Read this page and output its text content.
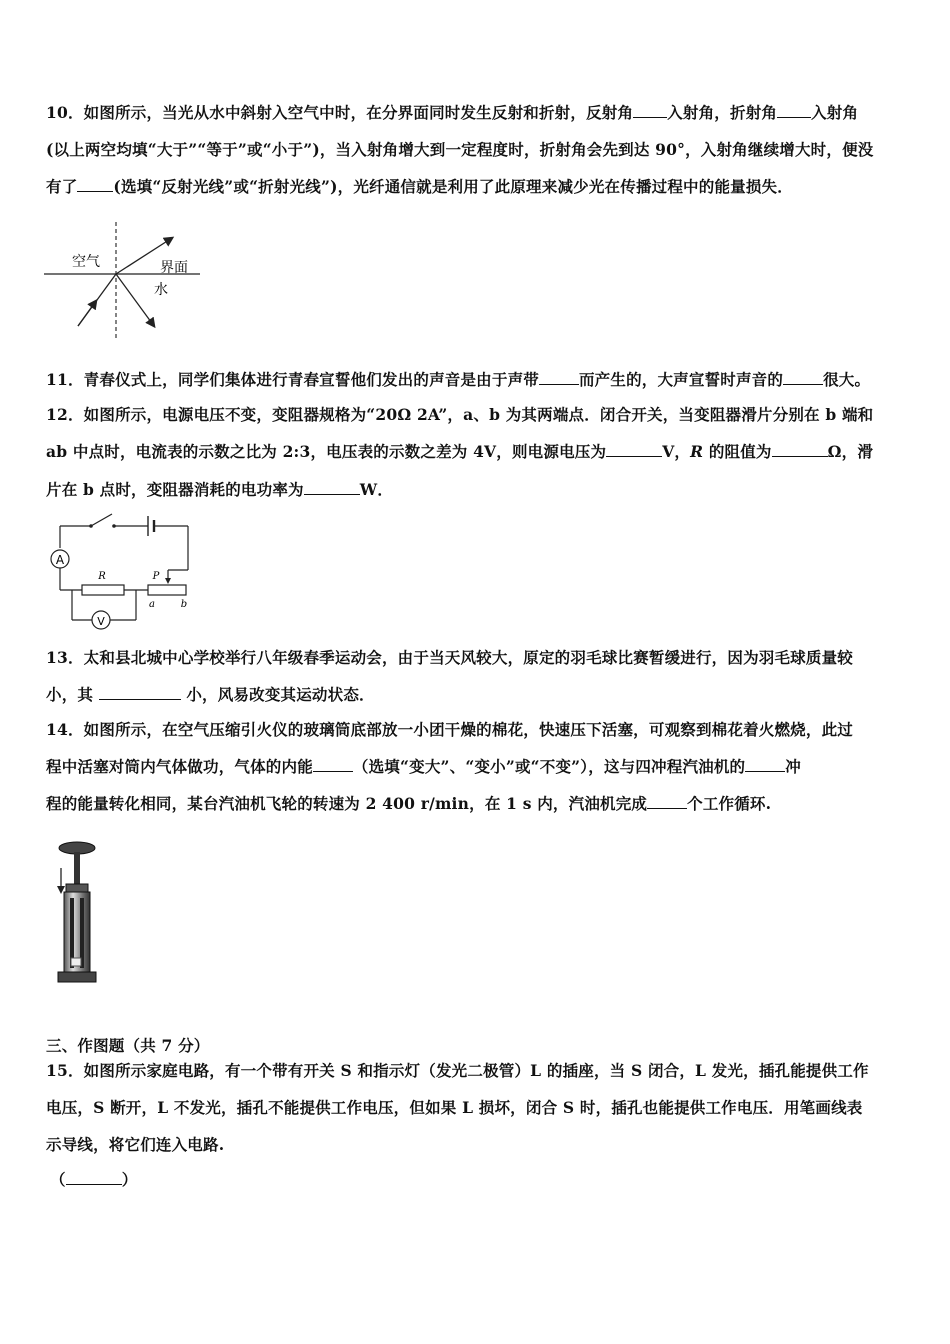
10．如图所示，当光从水中斜射入空气中时，在分界面同时发生反射和折射，反射角 入射角，折射角 入射角
(以上两空均填“大于”“等于”或“小于”)，当入射角增大到一定程度时，折射角会先到达 90°，入射角继续增大时，便没
有了 (选填“反射光线”或“折射光线”)，光纤通信就是利用了此原理来减少光在传播过程中的能量损失．
空气	界面
水
11．青春仪式上，同学们集体进行青春宣誓他们发出的声音是由于声带	而产生的，大声宣誓时声音的	很大。
12．如图所示，电源电压不变，变阻器规格为“20Ω 2A”，a、b 为其两端点．闭合开关，当变阻器滑片分别在 b 端和
ab 中点时，电流表的示数之比为 2:3，电压表的示数之差为 4V，则电源电压为	V，R 的阻值为	Ω，滑
片在 b 点时，变阻器消耗的电功率为	W．
A
R	P
a	b
V
13．太和县北城中心学校举行八年级春季运动会，由于当天风较大，原定的羽毛球比赛暂缓进行，因为羽毛球质量较
小，其	小，风易改变其运动状态．
14．如图所示，在空气压缩引火仪的玻璃筒底部放一小团干燥的棉花，快速压下活塞，可观察到棉花着火燃烧，此过
程中活塞对筒内气体做功，气体的内能	（选填“变大”、“变小”或“不变”），这与四冲程汽油机的	冲
程的能量转化相同，某台汽油机飞轮的转速为 2 400 r/min，在 1 s 内，汽油机完成	个工作循环.
三、作图题（共 7 分）
15．如图所示家庭电路，有一个带有开关 S 和指示灯（发光二极管）L 的插座，当 S 闭合，L 发光，插孔能提供工作
电压，S 断开，L 不发光，插孔不能提供工作电压，但如果 L 损坏，闭合 S 时，插孔也能提供工作电压．用笔画线表
示导线，将它们连入电路.
（	）
